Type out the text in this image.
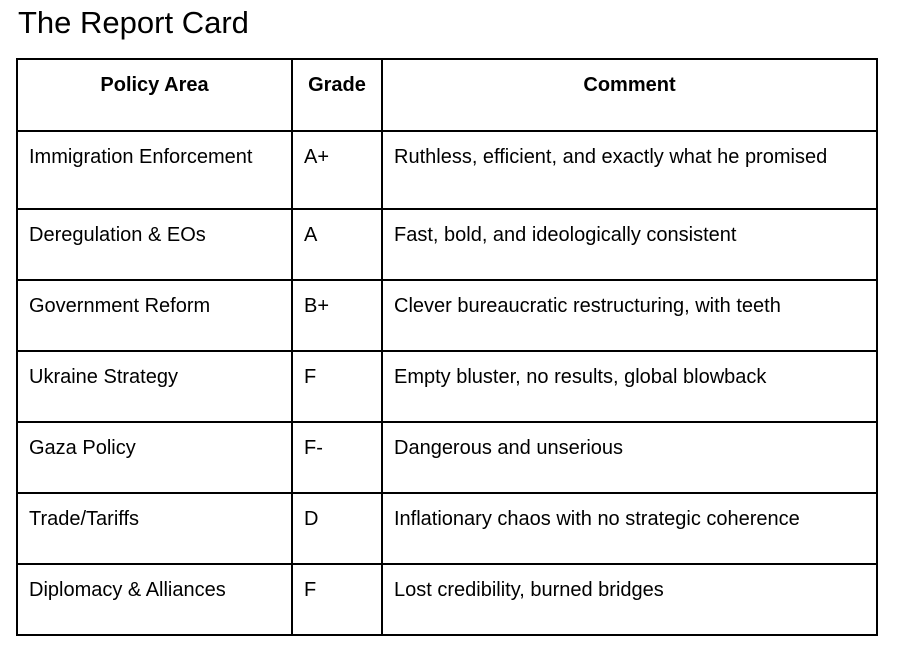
The Report Card
Policy Area	Grade	Comment
Immigration Enforcement	A+	Ruthless, efficient, and exactly what he promised
Deregulation & EOs	A	Fast, bold, and ideologically consistent
Government Reform	B+	Clever bureaucratic restructuring, with teeth
Ukraine Strategy	F	Empty bluster, no results, global blowback
Gaza Policy	F-	Dangerous and unserious
Trade/Tariffs	D	Inflationary chaos with no strategic coherence
Diplomacy & Alliances	F	Lost credibility, burned bridges
